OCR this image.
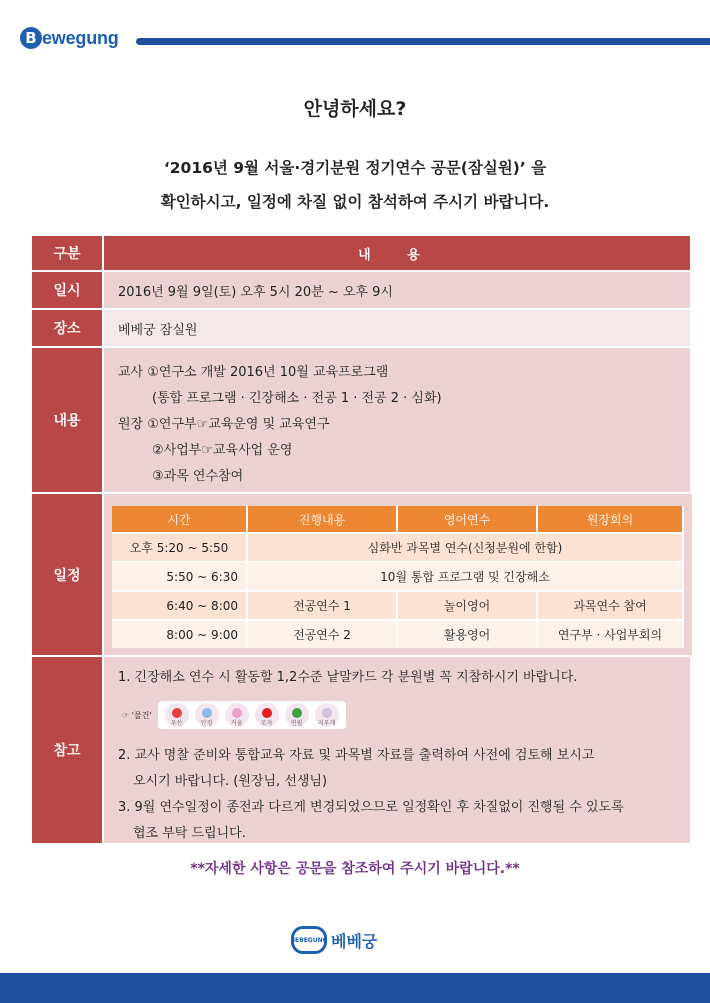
B ewegung
안녕하세요?
‘2016년 9월 서울·경기분원 정기연수 공문(잠실원)’ 을
확인하시고, 일정에 차질 없이 참석하여 주시기 바랍니다.
구분	내 용
일시	2016년 9월 9일(토) 오후 5시 20분 ~ 오후 9시
장소	베베궁 잠실원
내용
교사 ①연구소 개발 2016년 10월 교육프로그램
(통합 프로그램 · 긴장해소 · 전공 1 · 전공 2 · 심화)
원장 ①연구부☞교육운영 및 교육연구
②사업부☞교육사업 운영
③과목 연수참여
일정
시간	진행내용	영어연수	원장회의
오후 5:20 ~ 5:50	심화반 과목별 연수(신청분원에 한함)		
5:50 ~ 6:30	10월 통합 프로그램 및 긴장해소		
6:40 ~ 8:00	전공연수 1	놀이영어	과목연수 참여
8:00 ~ 9:00	전공연수 2	활용영어	연구부 · 사업부회의
참고
1. 긴장해소 연수 시 활동할 1,2수준 낱말카드 각 분원별 꼭 지참하시기 바랍니다.
☞ '물건'
우산	안경	거울	모자	연필	지우개
2. 교사 명찰 준비와 통합교육 자료 및 과목별 자료를 출력하여 사전에 검토해 보시고
오시기 바랍니다. (원장님, 선생님)
3. 9월 연수일정이 종전과 다르게 변경되었으므로 일정확인 후 차질없이 진행될 수 있도록
협조 부탁 드립니다.
**자세한 사항은 공문을 참조하여 주시기 바랍니다.**
BEBEGUNG 베베궁
